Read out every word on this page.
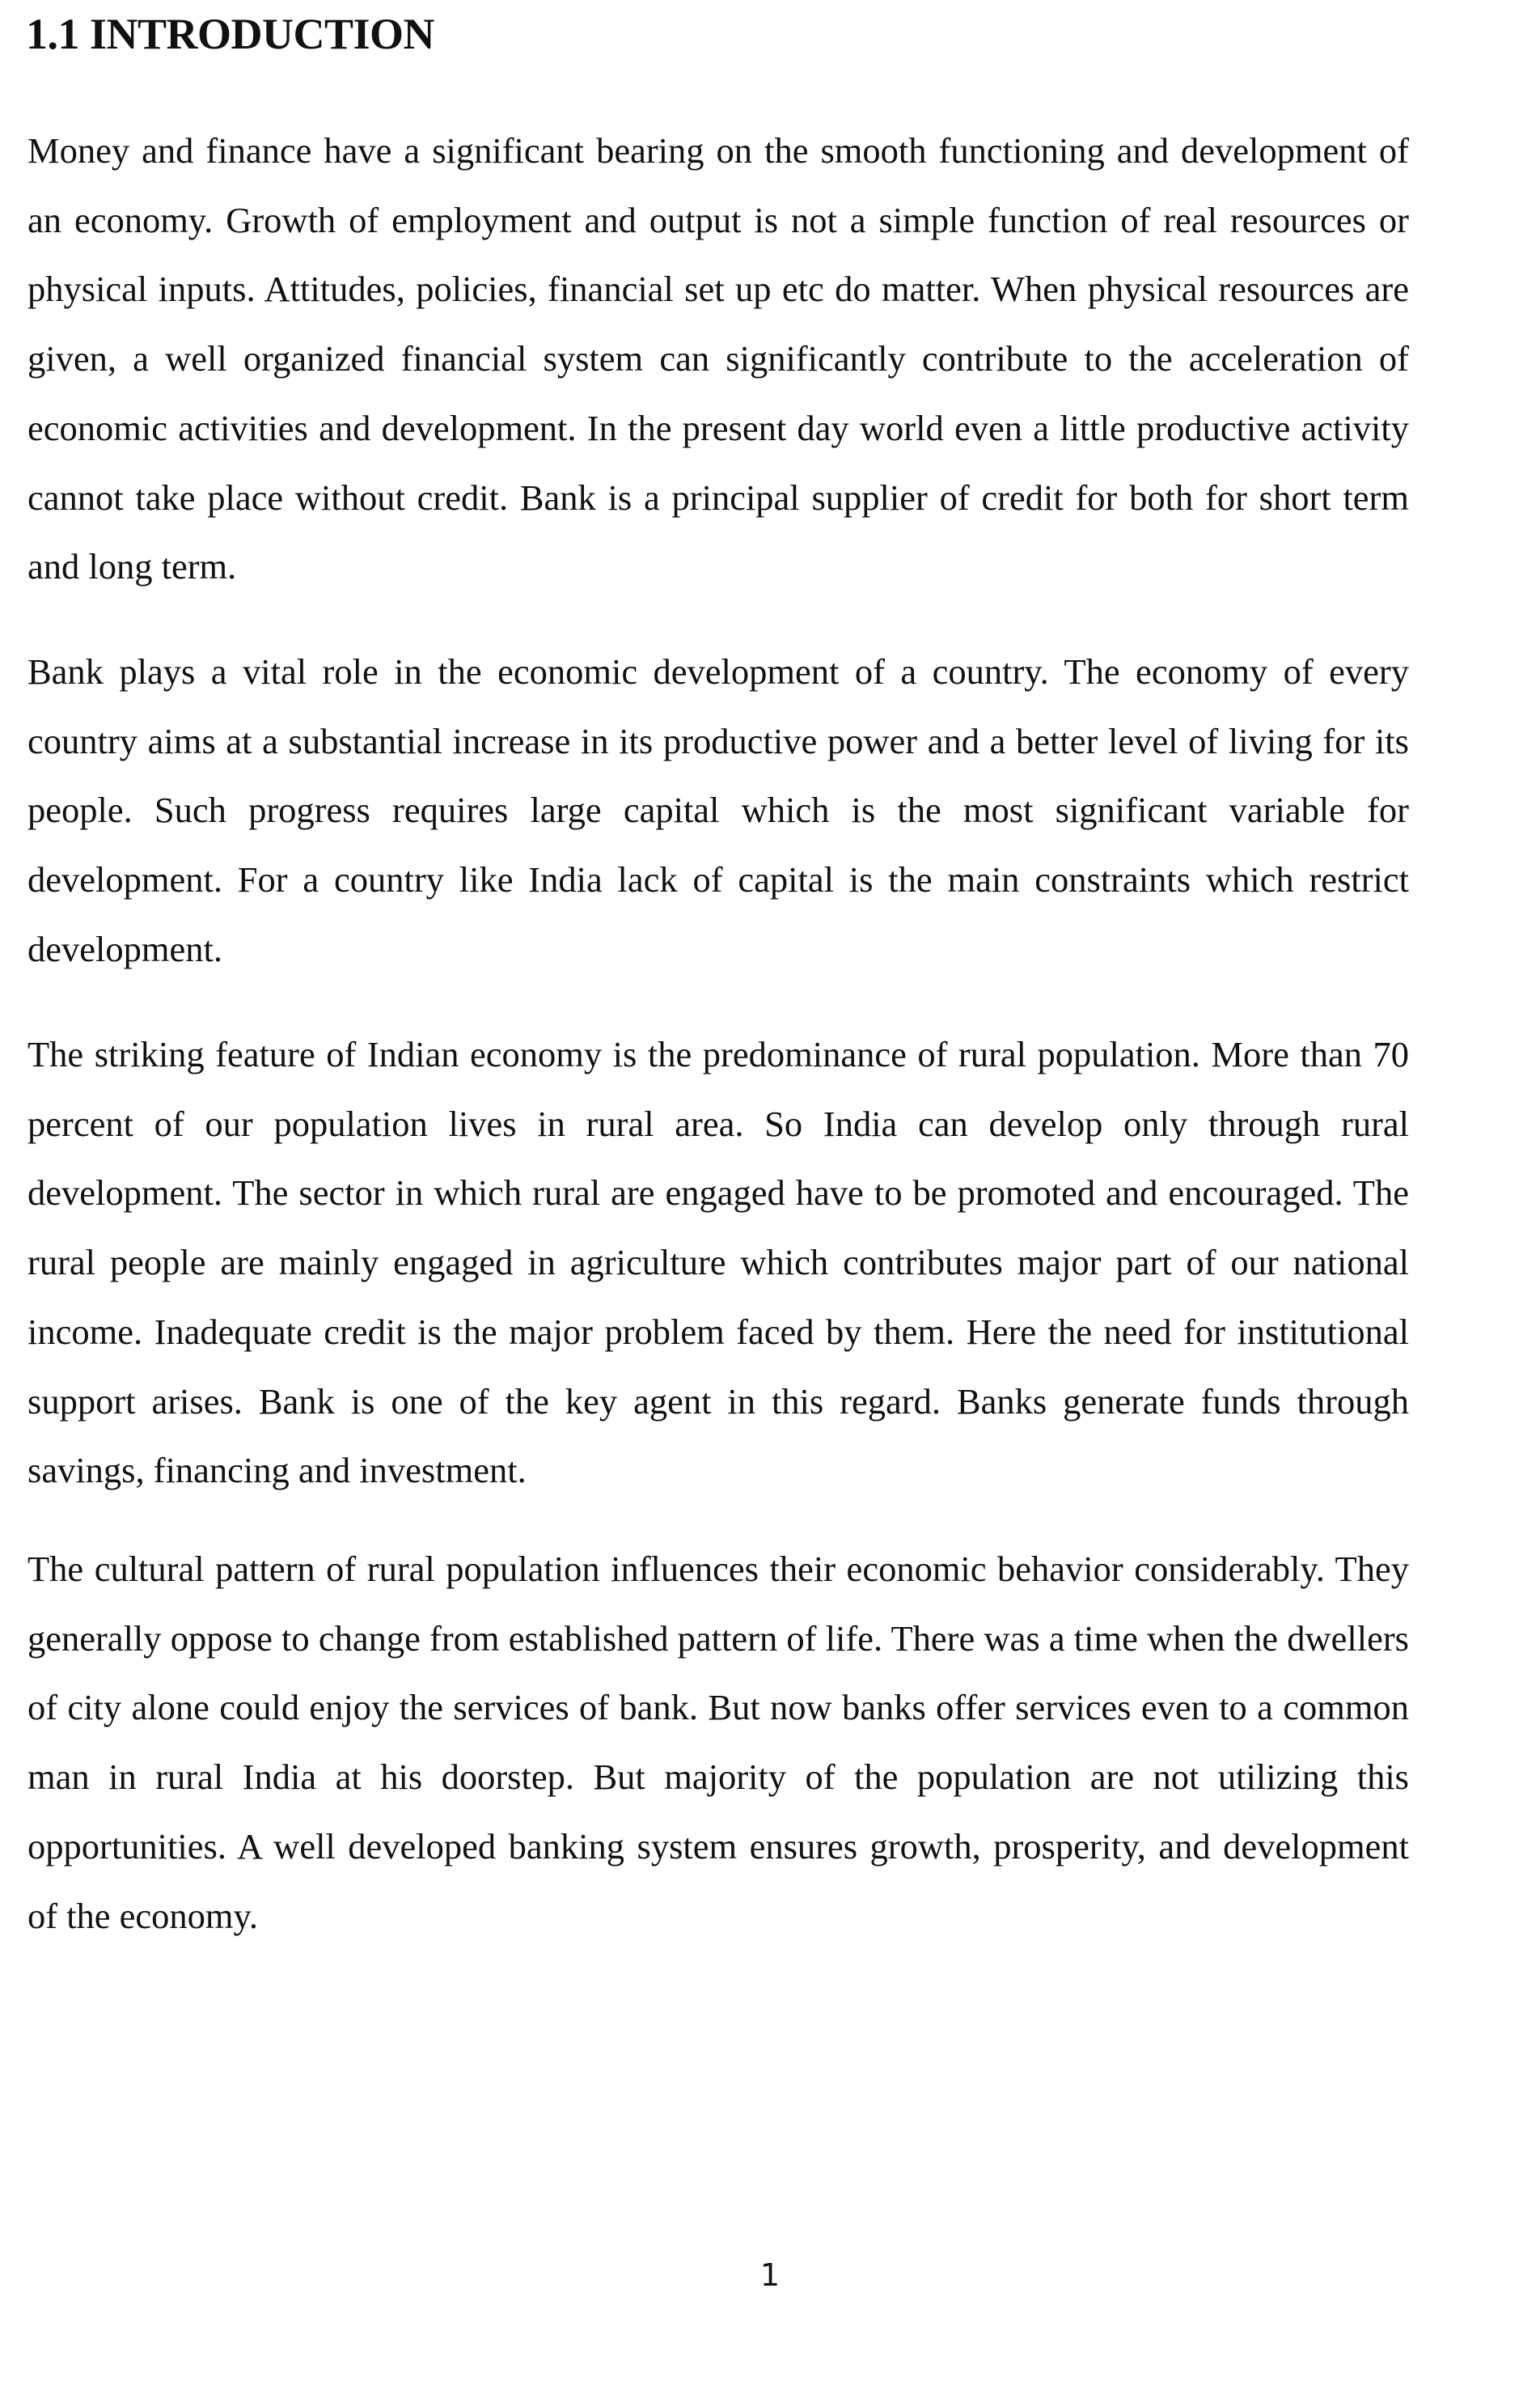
1.1 INTRODUCTION

Money and finance have a significant bearing on the smooth functioning and development of an economy. Growth of employment and output is not a simple function of real resources or physical inputs. Attitudes, policies, financial set up etc do matter. When physical resources are given, a well organized financial system can significantly contribute to the acceleration of economic activities and development. In the present day world even a little productive activity cannot take place without credit. Bank is a principal supplier of credit for both for short term and long term.

Bank plays a vital role in the economic development of a country. The economy of every country aims at a substantial increase in its productive power and a better level of living for its people. Such progress requires large capital which is the most significant variable for development. For a country like India lack of capital is the main constraints which restrict development.

The striking feature of Indian economy is the predominance of rural population. More than 70 percent of our population lives in rural area. So India can develop only through rural development. The sector in which rural are engaged have to be promoted and encouraged. The rural people are mainly engaged in agriculture which contributes major part of our national income. Inadequate credit is the major problem faced by them. Here the need for institutional support arises. Bank is one of the key agent in this regard. Banks generate funds through savings, financing and investment.

The cultural pattern of rural population influences their economic behavior considerably. They generally oppose to change from established pattern of life. There was a time when the dwellers of city alone could enjoy the services of bank. But now banks offer services even to a common man in rural India at his doorstep. But majority of the population are not utilizing this opportunities. A well developed banking system ensures growth, prosperity, and development of the economy.

1
